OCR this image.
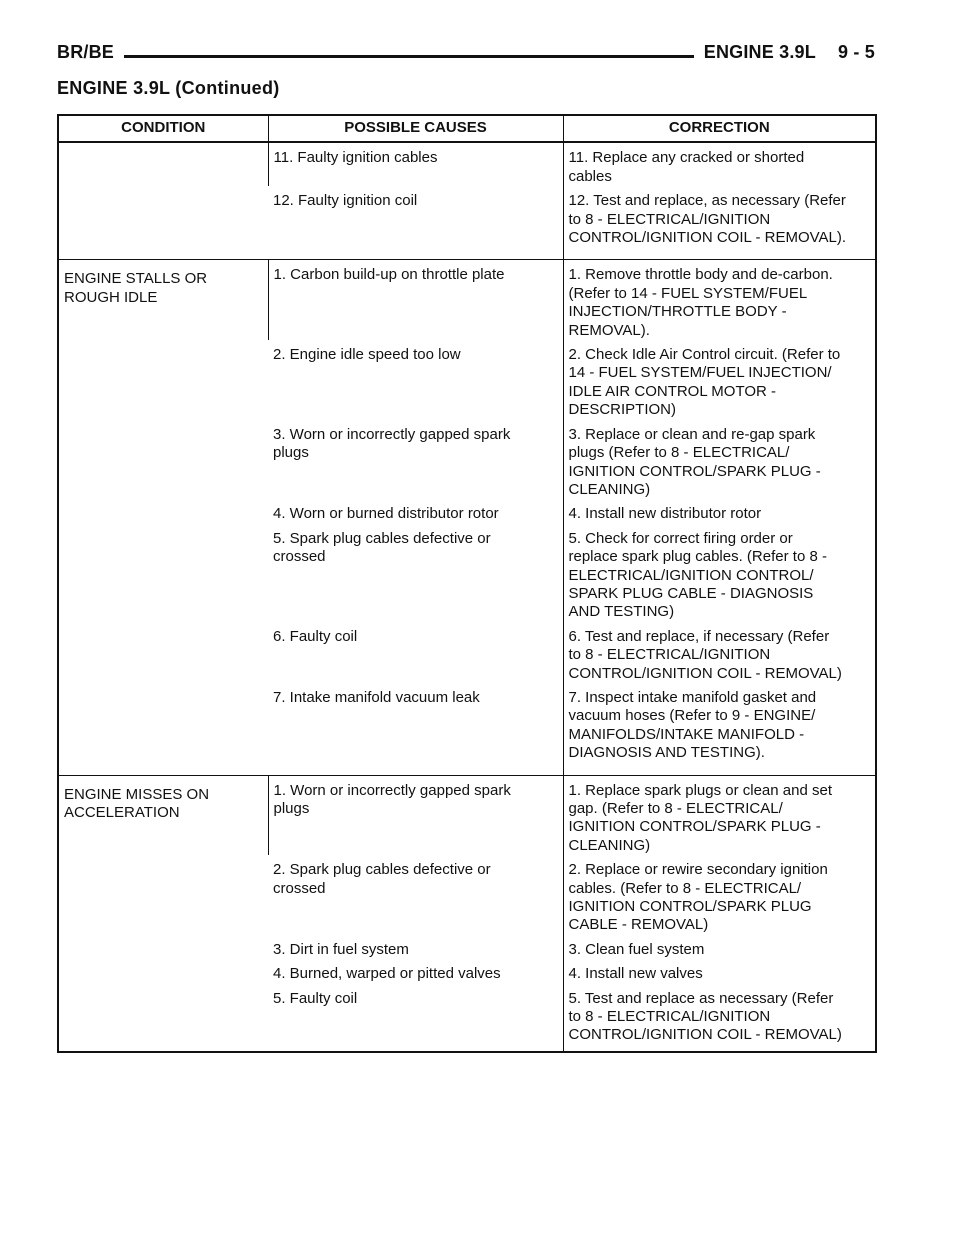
BR/BE	ENGINE 3.9L 9 - 5
ENGINE 3.9L (Continued)
CONDITION	POSSIBLE CAUSES	CORRECTION
	11. Faulty ignition cables	11. Replace any cracked or shorted
cables
	12. Faulty ignition coil	12. Test and replace, as necessary (Refer
to 8 - ELECTRICAL/IGNITION
CONTROL/IGNITION COIL - REMOVAL).
ENGINE STALLS OR
ROUGH IDLE	1. Carbon build-up on throttle plate	1. Remove throttle body and de-carbon.
(Refer to 14 - FUEL SYSTEM/FUEL
INJECTION/THROTTLE BODY -
REMOVAL).
	2. Engine idle speed too low	2. Check Idle Air Control circuit. (Refer to
14 - FUEL SYSTEM/FUEL INJECTION/
IDLE AIR CONTROL MOTOR -
DESCRIPTION)
	3. Worn or incorrectly gapped spark
plugs	3. Replace or clean and re-gap spark
plugs (Refer to 8 - ELECTRICAL/
IGNITION CONTROL/SPARK PLUG -
CLEANING)
	4. Worn or burned distributor rotor	4. Install new distributor rotor
	5. Spark plug cables defective or
crossed	5. Check for correct firing order or
replace spark plug cables. (Refer to 8 -
ELECTRICAL/IGNITION CONTROL/
SPARK PLUG CABLE - DIAGNOSIS
AND TESTING)
	6. Faulty coil	6. Test and replace, if necessary (Refer
to 8 - ELECTRICAL/IGNITION
CONTROL/IGNITION COIL - REMOVAL)
	7. Intake manifold vacuum leak	7. Inspect intake manifold gasket and
vacuum hoses (Refer to 9 - ENGINE/
MANIFOLDS/INTAKE MANIFOLD -
DIAGNOSIS AND TESTING).
ENGINE MISSES ON
ACCELERATION	1. Worn or incorrectly gapped spark
plugs	1. Replace spark plugs or clean and set
gap. (Refer to 8 - ELECTRICAL/
IGNITION CONTROL/SPARK PLUG -
CLEANING)
	2. Spark plug cables defective or
crossed	2. Replace or rewire secondary ignition
cables. (Refer to 8 - ELECTRICAL/
IGNITION CONTROL/SPARK PLUG
CABLE - REMOVAL)
	3. Dirt in fuel system	3. Clean fuel system
	4. Burned, warped or pitted valves	4. Install new valves
	5. Faulty coil	5. Test and replace as necessary (Refer
to 8 - ELECTRICAL/IGNITION
CONTROL/IGNITION COIL - REMOVAL)
